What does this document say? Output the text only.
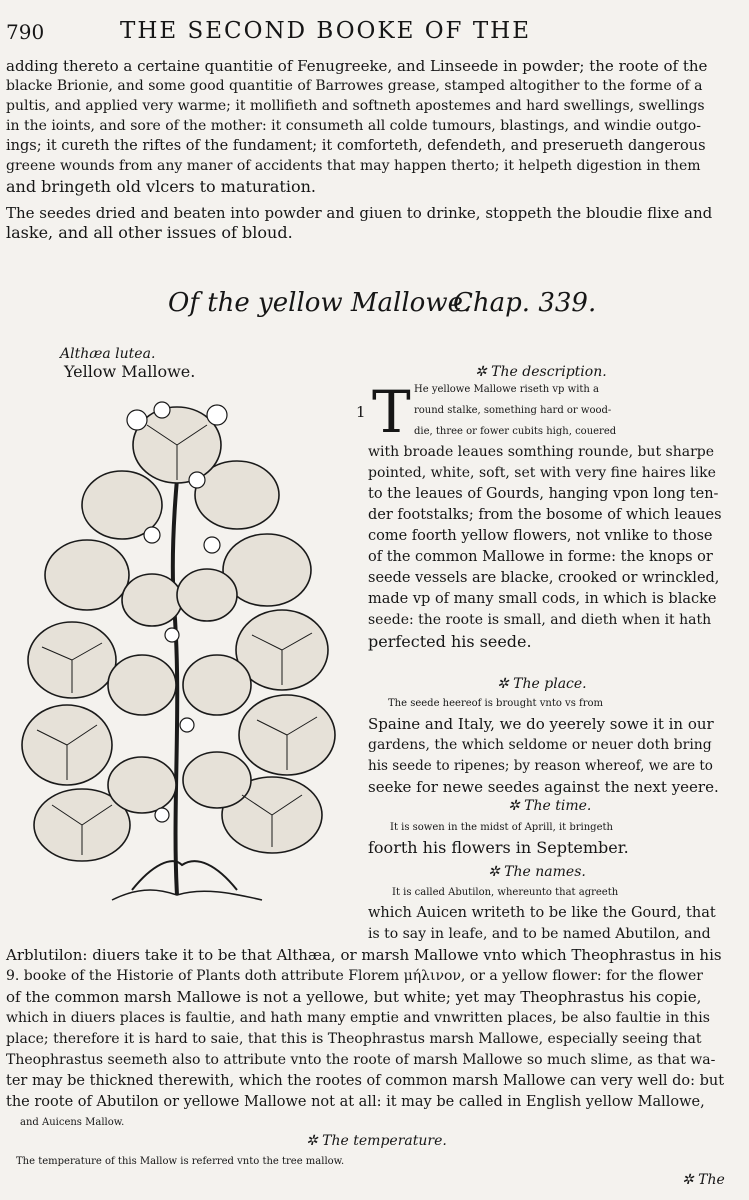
790	THE SECOND BOOKE OF THE
adding thereto a certaine quantitie of Fenugreeke, and Linseede in powder; the roote of the
blacke Brionie, and some good quantitie of Barrowes grease, stamped altogither to the forme of a
pultis, and applied very warme; it mollifieth and softneth apostemes and hard swellings, swellings
in the ioints, and sore of the mother: it consumeth all colde tumours, blastings, and windie outgo-
ings; it cureth the riftes of the fundament; it comforteth, defendeth, and preserueth dangerous
greene wounds from any maner of accidents that may happen therto; it helpeth digestion in them
and bringeth old vlcers to maturation.
The seedes dried and beaten into powder and giuen to drinke, stoppeth the bloudie flixe and
laske, and all other issues of bloud.
Of the yellow Mallowe.
Chap. 339.
Althæa lutea.
Yellow Mallowe.	✲ The description.
1 T He yellowe Mallowe riseth vp with a
round stalke, something hard or wood-
die, three or fower cubits high, couered
with broade leaues somthing rounde, but sharpe
pointed, white, soft, set with very fine haires like
to the leaues of Gourds, hanging vpon long ten-
der footstalks; from the bosome of which leaues
come foorth yellow flowers, not vnlike to those
of the common Mallowe in forme: the knops or
seede vessels are blacke, crooked or wrinckled,
made vp of many small cods, in which is blacke
seede: the roote is small, and dieth when it hath
perfected his seede.
✲ The place.
The seede heereof is brought vnto vs from
Spaine and Italy, we do yeerely sowe it in our
gardens, the which seldome or neuer doth bring
his seede to ripenes; by reason whereof, we are to
seeke for newe seedes against the next yeere.
✲ The time.
It is sowen in the midst of Aprill, it bringeth
foorth his flowers in September.
✲ The names.
It is called Abutilon, whereunto that agreeth
which Auicen writeth to be like the Gourd, that
is to say in leafe, and to be named Abutilon, and
Arblutilon: diuers take it to be that Althæa, or marsh Mallowe vnto which Theophrastus in his
9. booke of the Historie of Plants doth attribute Florem μήλινον, or a yellow flower: for the flower
of the common marsh Mallowe is not a yellowe, but white; yet may Theophrastus his copie,
which in diuers places is faultie, and hath many emptie and vnwritten places, be also faultie in this
place; therefore it is hard to saie, that this is Theophrastus marsh Mallowe, especially seeing that
Theophrastus seemeth also to attribute vnto the roote of marsh Mallowe so much slime, as that wa-
ter may be thickned therewith, which the rootes of common marsh Mallowe can very well do: but
the roote of Abutilon or yellowe Mallowe not at all: it may be called in English yellow Mallowe,
and Auicens Mallow.
✲ The temperature.
The temperature of this Mallow is referred vnto the tree mallow.
✲ The
